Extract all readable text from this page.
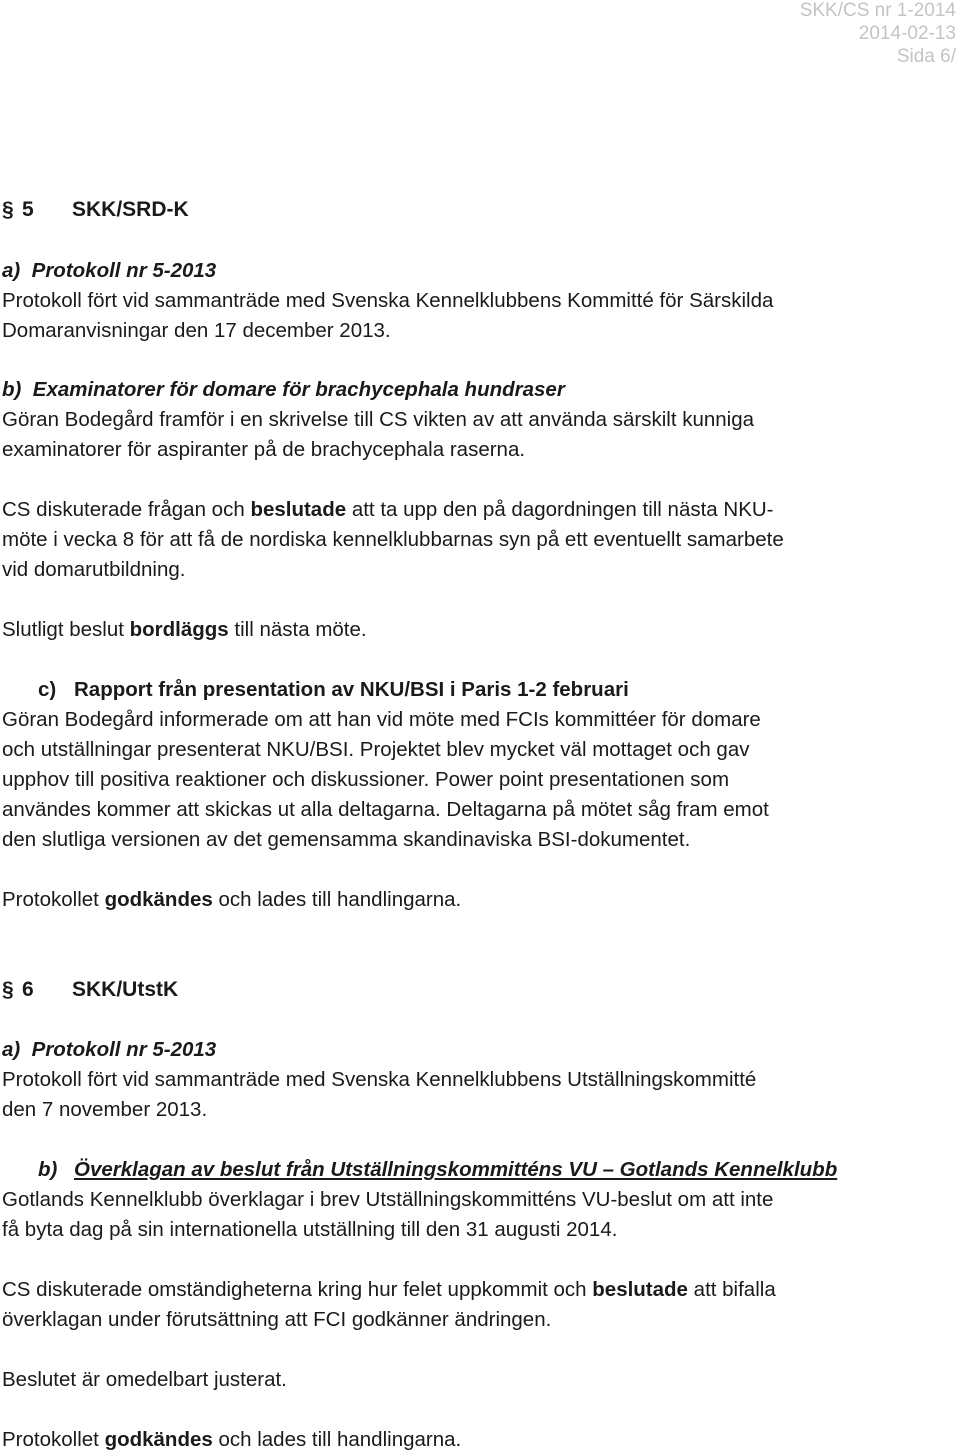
SKK/CS nr 1-2014
2014-02-13
Sida 6/
§ 5 SKK/SRD-K
a) Protokoll nr 5-2013
Protokoll fört vid sammanträde med Svenska Kennelklubbens Kommitté för Särskilda
Domaranvisningar den 17 december 2013.
b) Examinatorer för domare för brachycephala hundraser
Göran Bodegård framför i en skrivelse till CS vikten av att använda särskilt kunniga
examinatorer för aspiranter på de brachycephala raserna.
CS diskuterade frågan och beslutade att ta upp den på dagordningen till nästa NKU-
möte i vecka 8 för att få de nordiska kennelklubbarnas syn på ett eventuellt samarbete
vid domarutbildning.
Slutligt beslut bordläggs till nästa möte.
c) Rapport från presentation av NKU/BSI i Paris 1-2 februari
Göran Bodegård informerade om att han vid möte med FCIs kommittéer för domare
och utställningar presenterat NKU/BSI. Projektet blev mycket väl mottaget och gav
upphov till positiva reaktioner och diskussioner. Power point presentationen som
användes kommer att skickas ut alla deltagarna. Deltagarna på mötet såg fram emot
den slutliga versionen av det gemensamma skandinaviska BSI-dokumentet.
Protokollet godkändes och lades till handlingarna.
§ 6 SKK/UtstK
a) Protokoll nr 5-2013
Protokoll fört vid sammanträde med Svenska Kennelklubbens Utställningskommitté
den 7 november 2013.
b) Överklagan av beslut från Utställningskommitténs VU – Gotlands Kennelklubb
Gotlands Kennelklubb överklagar i brev Utställningskommitténs VU-beslut om att inte
få byta dag på sin internationella utställning till den 31 augusti 2014.
CS diskuterade omständigheterna kring hur felet uppkommit och beslutade att bifalla
överklagan under förutsättning att FCI godkänner ändringen.
Beslutet är omedelbart justerat.
Protokollet godkändes och lades till handlingarna.
